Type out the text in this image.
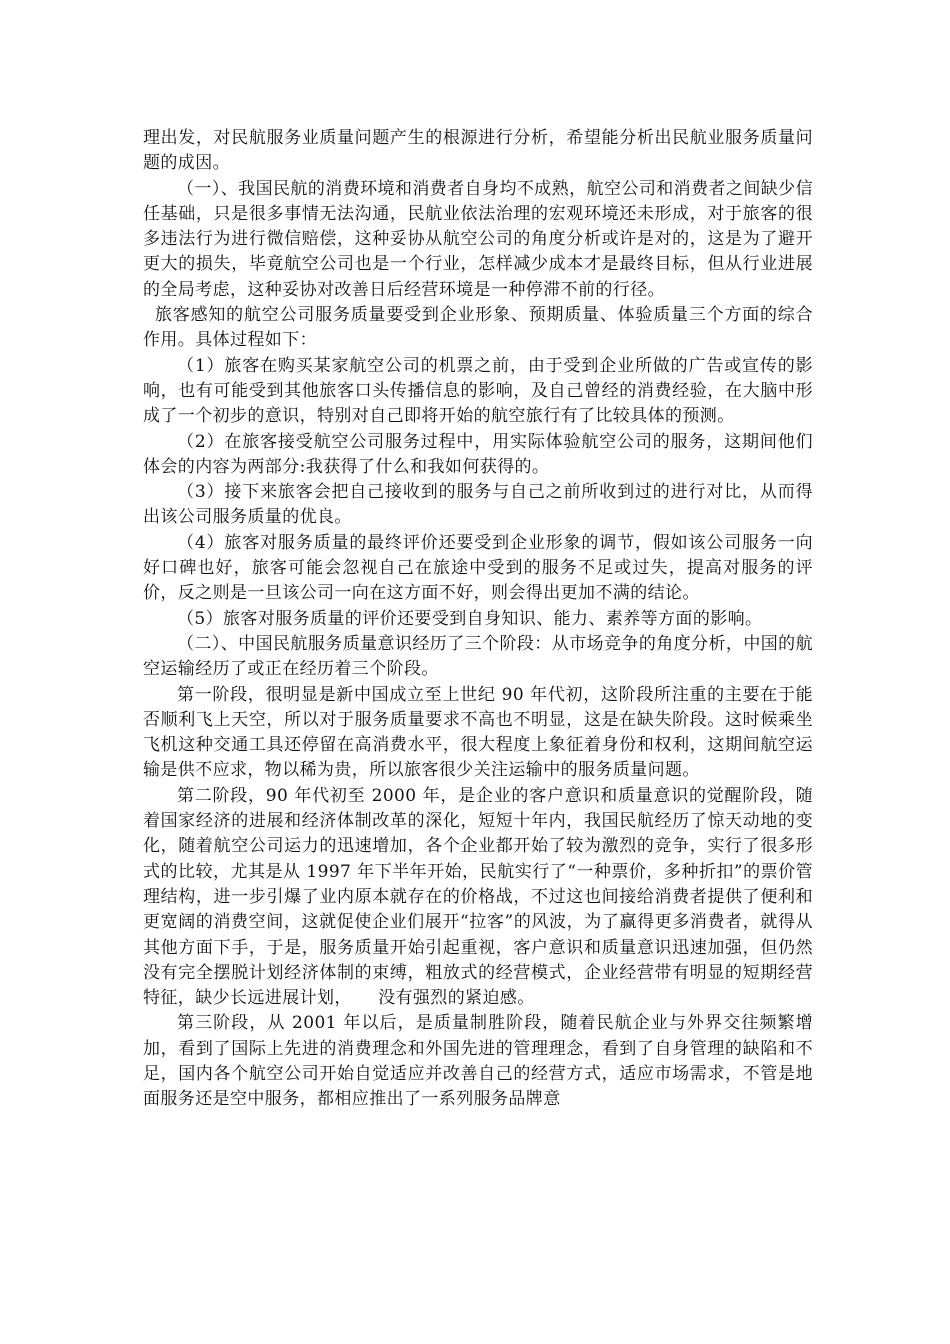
理出发，对民航服务业质量问题产生的根源进行分析，希望能分析出民航业服务质量问题的成因。

（一）、我国民航的消费环境和消费者自身均不成熟，航空公司和消费者之间缺少信任基础，只是很多事情无法沟通，民航业依法治理的宏观环境还未形成，对于旅客的很多违法行为进行微信赔偿，这种妥协从航空公司的角度分析或许是对的，这是为了避开更大的损失，毕竟航空公司也是一个行业，怎样减少成本才是最终目标，但从行业进展的全局考虑，这种妥协对改善日后经营环境是一种停滞不前的行径。

旅客感知的航空公司服务质量要受到企业形象、预期质量、体验质量三个方面的综合作用。具体过程如下：

（1）旅客在购买某家航空公司的机票之前，由于受到企业所做的广告或宣传的影响，也有可能受到其他旅客口头传播信息的影响，及自己曾经的消费经验，在大脑中形成了一个初步的意识，特别对自己即将开始的航空旅行有了比较具体的预测。

（2）在旅客接受航空公司服务过程中，用实际体验航空公司的服务，这期间他们体会的内容为两部分:我获得了什么和我如何获得的。

（3）接下来旅客会把自己接收到的服务与自己之前所收到过的进行对比，从而得出该公司服务质量的优良。

（4）旅客对服务质量的最终评价还要受到企业形象的调节，假如该公司服务一向好口碑也好，旅客可能会忽视自己在旅途中受到的服务不足或过失，提高对服务的评价，反之则是一旦该公司一向在这方面不好，则会得出更加不满的结论。

（5）旅客对服务质量的评价还要受到自身知识、能力、素养等方面的影响。

（二）、中国民航服务质量意识经历了三个阶段：从市场竞争的角度分析，中国的航空运输经历了或正在经历着三个阶段。

第一阶段，很明显是新中国成立至上世纪 90 年代初，这阶段所注重的主要在于能否顺利飞上天空，所以对于服务质量要求不高也不明显，这是在缺失阶段。这时候乘坐飞机这种交通工具还停留在高消费水平，很大程度上象征着身份和权利，这期间航空运输是供不应求，物以稀为贵，所以旅客很少关注运输中的服务质量问题。

第二阶段，90 年代初至 2000 年，是企业的客户意识和质量意识的觉醒阶段，随着国家经济的进展和经济体制改革的深化，短短十年内，我国民航经历了惊天动地的变化，随着航空公司运力的迅速增加，各个企业都开始了较为激烈的竞争，实行了很多形式的比较，尤其是从 1997 年下半年开始，民航实行了“一种票价，多种折扣”的票价管理结构，进一步引爆了业内原本就存在的价格战，不过这也间接给消费者提供了便利和更宽阔的消费空间，这就促使企业们展开“拉客”的风波，为了赢得更多消费者，就得从其他方面下手，于是，服务质量开始引起重视，客户意识和质量意识迅速加强，但仍然没有完全摆脱计划经济体制的束缚，粗放式的经营模式，企业经营带有明显的短期经营特征，缺少长远进展计划，　　没有强烈的紧迫感。

第三阶段，从 2001 年以后，是质量制胜阶段，随着民航企业与外界交往频繁增加，看到了国际上先进的消费理念和外国先进的管理理念，看到了自身管理的缺陷和不足，国内各个航空公司开始自觉适应并改善自己的经营方式，适应市场需求，不管是地面服务还是空中服务，都相应推出了一系列服务品牌意
